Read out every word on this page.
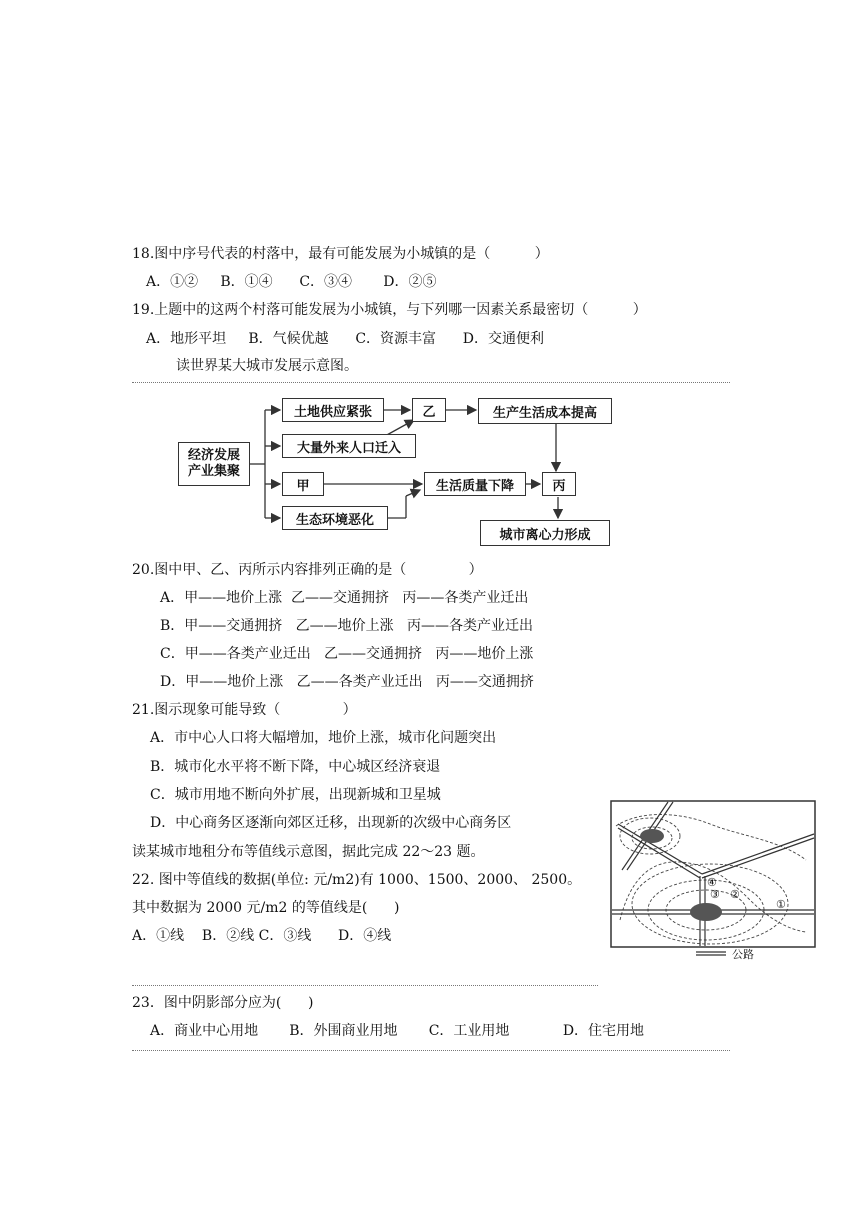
18.图中序号代表的村落中，最有可能发展为小城镇的是（          ）
A．①②     B．①④      C．③④       D．②⑤
19.上题中的这两个村落可能发展为小城镇，与下列哪一因素关系最密切（          ）
A．地形平坦     B．气候优越      C．资源丰富      D．交通便利
读世界某大城市发展示意图。
经济发展
产业集聚
土地供应紧张	乙	生产生活成本提高
大量外来人口迁入
甲	生活质量下降	丙
生态环境恶化
城市离心力形成
20.图中甲、乙、丙所示内容排列正确的是（              ）
A．甲——地价上涨  乙——交通拥挤   丙——各类产业迁出
B．甲——交通拥挤   乙——地价上涨   丙——各类产业迁出
C．甲——各类产业迁出   乙——交通拥挤   丙——地价上涨
D．甲——地价上涨   乙——各类产业迁出   丙——交通拥挤
21.图示现象可能导致（              ）
A．市中心人口将大幅增加，地价上涨，城市化问题突出
B．城市化水平将不断下降，中心城区经济衰退
C．城市用地不断向外扩展，出现新城和卫星城
D．中心商务区逐渐向郊区迁移，出现新的次级中心商务区
读某城市地租分布等值线示意图，据此完成 22～23 题。
22. 图中等值线的数据(单位: 元/m2)有 1000、1500、2000、 2500。
其中数据为 2000 元/m2 的等值线是(      )
A．①线    B．②线 C．③线      D．④线
④
③ ②
①
公路
23．图中阴影部分应为(      )
A．商业中心用地       B．外围商业用地       C．工业用地            D．住宅用地
